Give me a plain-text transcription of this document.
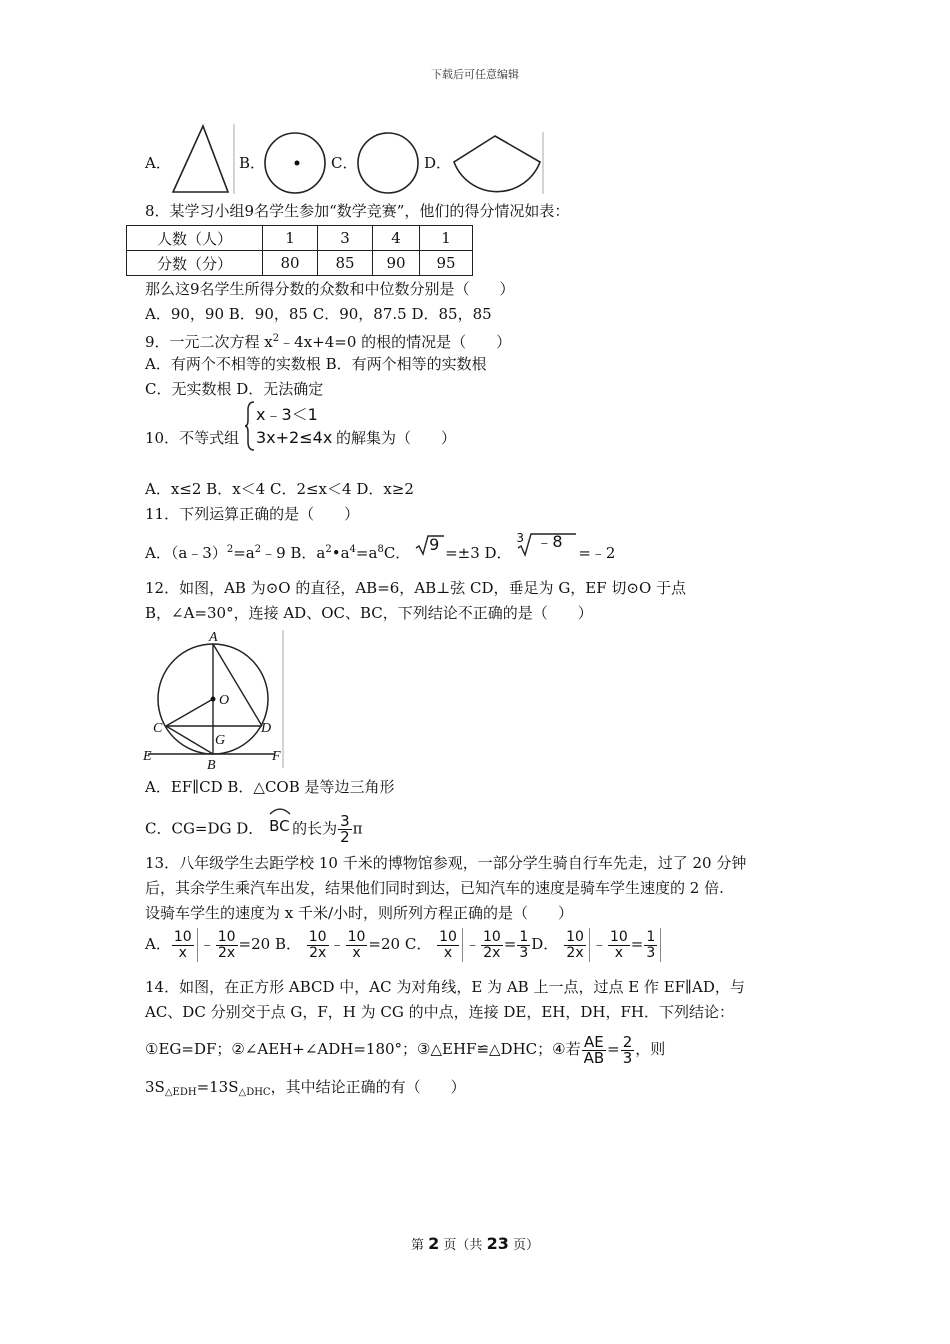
下载后可任意编辑
A．	B．	C．	D．
8．某学习小组9名学生参加“数学竞赛”，他们的得分情况如表：
人数（人）	1	3	4	1
分数（分）	80	85	90	95
那么这9名学生所得分数的众数和中位数分别是（　　）
A．90，90 B．90，85 C．90，87.5 D．85，85
9．一元二次方程 $x^2﹣4x+4=0$ 的根的情况是（　　）
A．有两个不相等的实数根 B．有两个相等的实数根
C．无实数根 D．无法确定
10．不等式组
x﹣3＜1
3x+2≤4x 的解集为（　　）
A．x≤2 B．x＜4 C．2≤x＜4 D．x≥2
11．下列运算正确的是（　　）
A．$(a﹣3)^2=a^2﹣9$ B．$a^2•a^4=a^8C$． 9 =±3 D．
3 ﹣8
=﹣2
12．如图，AB 为⊙O 的直径，AB=6，AB⊥弦 CD，垂足为 G，EF 切⊙O 于点
B，∠A=30°，连接 AD、OC、BC，下列结论不正确的是（　　）
A
O
C	D
G
E	F
B
A．EF∥CD B．△COB 是等边三角形
C．CG=DG D． BC 的长为 $\frac{3}{2}$ π
13．八年级学生去距学校 10 千米的博物馆参观，一部分学生骑自行车先走，过了 20 分钟
后，其余学生乘汽车出发，结果他们同时到达，已知汽车的速度是骑车学生速度的 2 倍.
设骑车学生的速度为 x 千米/小时，则所列方程正确的是（　　）
A． $\frac{10}{x}$ ﹣ $\frac{10}{2x} =20$ B． $\frac{10}{2x}$ ﹣ $\frac{10}{x} =20$ C． $\frac{10}{x}$ ﹣ $\frac{10}{2x} = \frac{1}{3}$ D． $\frac{10}{2x}$ ﹣ $\frac{10}{x} = \frac{1}{3}$
14．如图，在正方形 ABCD 中，AC 为对角线，E 为 AB 上一点，过点 E 作 EF∥AD，与
AC、DC 分别交于点 G，F，H 为 CG 的中点，连接 DE，EH，DH，FH．下列结论：
①EG=DF；②∠AEH+∠ADH=180°；③△EHF≌△DHC；④若 $\frac{AE}{AB} = \frac{2}{3}$ ，则
$3S_{\triangle EDH}=13S_{\triangle DHC}$，其中结论正确的有（　　）
第 2 页（共 23 页）
